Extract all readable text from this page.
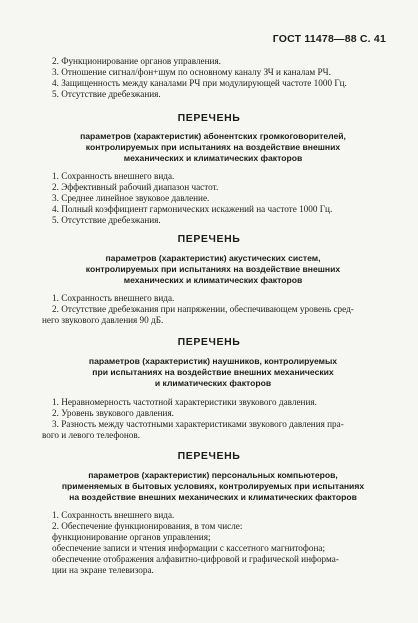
ГОСТ 11478—88 С. 41
2. Функционирование органов управления.
3. Отношение сигнал/фон+шум по основному каналу ЗЧ и каналам РЧ.
4. Защищенность между каналами РЧ при модулирующей частоте 1000 Гц.
5. Отсутствие дребезжания.
ПЕРЕЧЕНЬ
параметров (характеристик) абонентских громкоговорителей,
контролируемых при испытаниях на воздействие внешних
механических и климатических факторов
1. Сохранность внешнего вида.
2. Эффективный рабочий диапазон частот.
3. Среднее линейное звуковое давление.
4. Полный коэффициент гармонических искажений на частоте 1000 Гц.
5. Отсутствие дребезжания.
ПЕРЕЧЕНЬ
параметров (характеристик) акустических систем,
контролируемых при испытаниях на воздействие внешних
механических и климатических факторов
1. Сохранность внешнего вида.
2. Отсутствие дребезжания при напряжении, обеспечивающем уровень сред-
него звукового давления 90 дБ.
ПЕРЕЧЕНЬ
параметров (характеристик) наушников, контролируемых
при испытаниях на воздействие внешних механических
и климатических факторов
1. Неравномерность частотной характеристики звукового давления.
2. Уровень звукового давления.
3. Разность между частотными характеристиками звукового давления пра-
вого и левого телефонов.
ПЕРЕЧЕНЬ
параметров (характеристик) персональных компьютеров,
применяемых в бытовых условиях, контролируемых при испытаниях
на воздействие внешних механических и климатических факторов
1. Сохранность внешнего вида.
2. Обеспечение функционирования, в том числе:
функционирование органов управления;
обеспечение записи и чтения информации с кассетного магнитофона;
обеспечение отображения алфавитно-цифровой и графической информа-
ции на экране телевизора.
